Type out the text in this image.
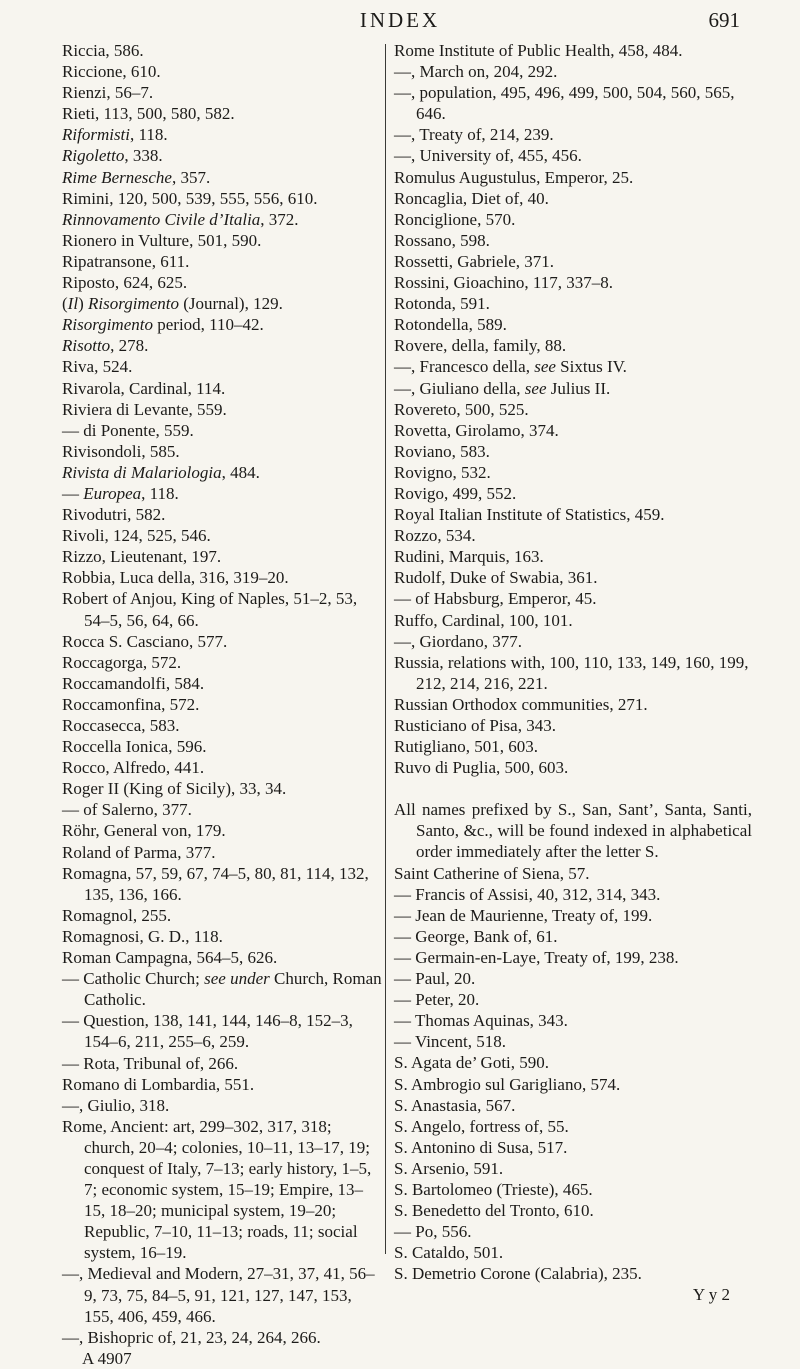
INDEX	691

Riccia, 586.

Riccione, 610.

Rienzi, 56–7.

Rieti, 113, 500, 580, 582.

Riformisti, 118.

Rigoletto, 338.

Rime Bernesche, 357.

Rimini, 120, 500, 539, 555, 556, 610.

Rinnovamento Civile d’Italia, 372.

Rionero in Vulture, 501, 590.

Ripatransone, 611.

Riposto, 624, 625.

(Il) Risorgimento (Journal), 129.

Risorgimento period, 110–42.

Risotto, 278.

Riva, 524.

Rivarola, Cardinal, 114.

Riviera di Levante, 559.

— di Ponente, 559.

Rivisondoli, 585.

Rivista di Malariologia, 484.

— Europea, 118.

Rivodutri, 582.

Rivoli, 124, 525, 546.

Rizzo, Lieutenant, 197.

Robbia, Luca della, 316, 319–20.

Robert of Anjou, King of Naples, 51–2, 53, 54–5, 56, 64, 66.

Rocca S. Casciano, 577.

Roccagorga, 572.

Roccamandolfi, 584.

Roccamonfina, 572.

Roccasecca, 583.

Roccella Ionica, 596.

Rocco, Alfredo, 441.

Roger II (King of Sicily), 33, 34.

— of Salerno, 377.

Röhr, General von, 179.

Roland of Parma, 377.

Romagna, 57, 59, 67, 74–5, 80, 81, 114, 132, 135, 136, 166.

Romagnol, 255.

Romagnosi, G. D., 118.

Roman Campagna, 564–5, 626.

— Catholic Church; see under Church, Roman Catholic.

— Question, 138, 141, 144, 146–8, 152–3, 154–6, 211, 255–6, 259.

— Rota, Tribunal of, 266.

Romano di Lombardia, 551.

—, Giulio, 318.

Rome, Ancient: art, 299–302, 317, 318; church, 20–4; colonies, 10–11, 13–17, 19; conquest of Italy, 7–13; early history, 1–5, 7; economic system, 15–19; Empire, 13–15, 18–20; municipal system, 19–20; Republic, 7–10, 11–13; roads, 11; social system, 16–19.

—, Medieval and Modern, 27–31, 37, 41, 56–9, 73, 75, 84–5, 91, 121, 127, 147, 153, 155, 406, 459, 466.

—, Bishopric of, 21, 23, 24, 264, 266.

A 4907

Rome Institute of Public Health, 458, 484.

—, March on, 204, 292.

—, population, 495, 496, 499, 500, 504, 560, 565, 646.

—, Treaty of, 214, 239.

—, University of, 455, 456.

Romulus Augustulus, Emperor, 25.

Roncaglia, Diet of, 40.

Ronciglione, 570.

Rossano, 598.

Rossetti, Gabriele, 371.

Rossini, Gioachino, 117, 337–8.

Rotonda, 591.

Rotondella, 589.

Rovere, della, family, 88.

—, Francesco della, see Sixtus IV.

—, Giuliano della, see Julius II.

Rovereto, 500, 525.

Rovetta, Girolamo, 374.

Roviano, 583.

Rovigno, 532.

Rovigo, 499, 552.

Royal Italian Institute of Statistics, 459.

Rozzo, 534.

Rudini, Marquis, 163.

Rudolf, Duke of Swabia, 361.

— of Habsburg, Emperor, 45.

Ruffo, Cardinal, 100, 101.

—, Giordano, 377.

Russia, relations with, 100, 110, 133, 149, 160, 199, 212, 214, 216, 221.

Russian Orthodox communities, 271.

Rusticiano of Pisa, 343.

Rutigliano, 501, 603.

Ruvo di Puglia, 500, 603.

All names prefixed by S., San, Sant’, Santa, Santi, Santo, &c., will be found indexed in alphabetical order immediately after the letter S.

Saint Catherine of Siena, 57.

— Francis of Assisi, 40, 312, 314, 343.

— Jean de Maurienne, Treaty of, 199.

— George, Bank of, 61.

— Germain-en-Laye, Treaty of, 199, 238.

— Paul, 20.

— Peter, 20.

— Thomas Aquinas, 343.

— Vincent, 518.

S. Agata de’ Goti, 590.

S. Ambrogio sul Garigliano, 574.

S. Anastasia, 567.

S. Angelo, fortress of, 55.

S. Antonino di Susa, 517.

S. Arsenio, 591.

S. Bartolomeo (Trieste), 465.

S. Benedetto del Tronto, 610.

— Po, 556.

S. Cataldo, 501.

S. Demetrio Corone (Calabria), 235.

Y y 2
